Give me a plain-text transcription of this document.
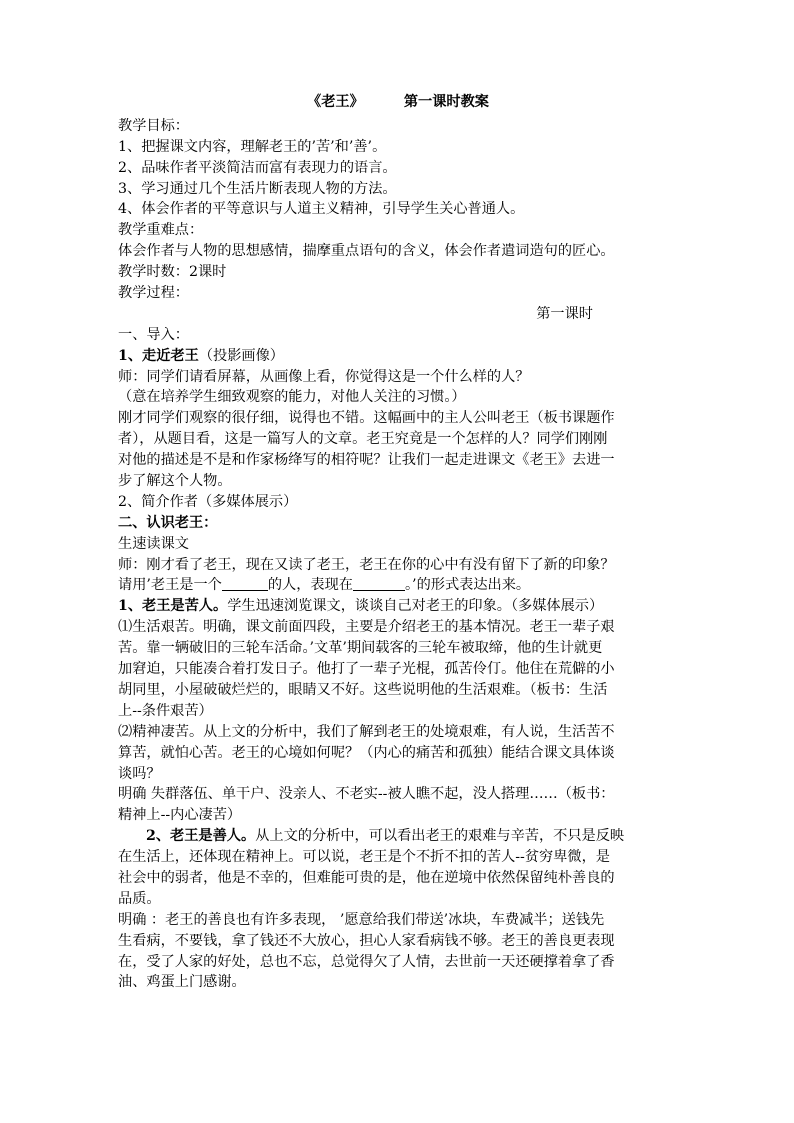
《老王》	第一课时教案
教学目标：
1、把握课文内容，理解老王的’苦’和’善’。
2、品味作者平淡简洁而富有表现力的语言。
3、学习通过几个生活片断表现人物的方法。
4、体会作者的平等意识与人道主义精神，引导学生关心普通人。
教学重难点：
体会作者与人物的思想感情，揣摩重点语句的含义，体会作者遣词造句的匠心。
教学时数：2课时
教学过程：
第一课时
一、导入：
1、走近老王（投影画像）
师：同学们请看屏幕，从画像上看，你觉得这是一个什么样的人？
（意在培养学生细致观察的能力，对他人关注的习惯。）
刚才同学们观察的很仔细，说得也不错。这幅画中的主人公叫老王（板书课题作
者），从题目看，这是一篇写人的文章。老王究竟是一个怎样的人？同学们刚刚
对他的描述是不是和作家杨绛写的相符呢？让我们一起走进课文《老王》去进一
步了解这个人物。
2、简介作者（多媒体展示）
二、认识老王：
生速读课文
师：刚才看了老王，现在又读了老王，老王在你的心中有没有留下了新的印象？
请用’老王是一个	的人，表现在	。’的形式表达出来。
1、老王是苦人。学生迅速浏览课文，谈谈自己对老王的印象。（多媒体展示）
⑴生活艰苦。明确，课文前面四段，主要是介绍老王的基本情况。老王一辈子艰
苦。靠一辆破旧的三轮车活命。’文革’期间载客的三轮车被取缔，他的生计就更
加窘迫，只能凑合着打发日子。他打了一辈子光棍，孤苦伶仃。他住在荒僻的小
胡同里，小屋破破烂烂的，眼睛又不好。这些说明他的生活艰难。（板书：生活
上--条件艰苦）
⑵精神凄苦。从上文的分析中，我们了解到老王的处境艰难，有人说，生活苦不
算苦，就怕心苦。老王的心境如何呢？（内心的痛苦和孤独）能结合课文具体谈
谈吗？
明确 失群落伍、单干户、没亲人、不老实--被人瞧不起，没人搭理……（板书：
精神上--内心凄苦）
2、老王是善人。从上文的分析中，可以看出老王的艰难与辛苦，不只是反映
在生活上，还体现在精神上。可以说，老王是个不折不扣的苦人--贫穷卑微，是
社会中的弱者，他是不幸的，但难能可贵的是，他在逆境中依然保留纯朴善良的
品质。
明确 ：老王的善良也有许多表现， ’愿意给我们带送’冰块，车费减半；送钱先
生看病，不要钱，拿了钱还不大放心，担心人家看病钱不够。老王的善良更表现
在，受了人家的好处，总也不忘，总觉得欠了人情，去世前一天还硬撑着拿了香
油、鸡蛋上门感谢。
